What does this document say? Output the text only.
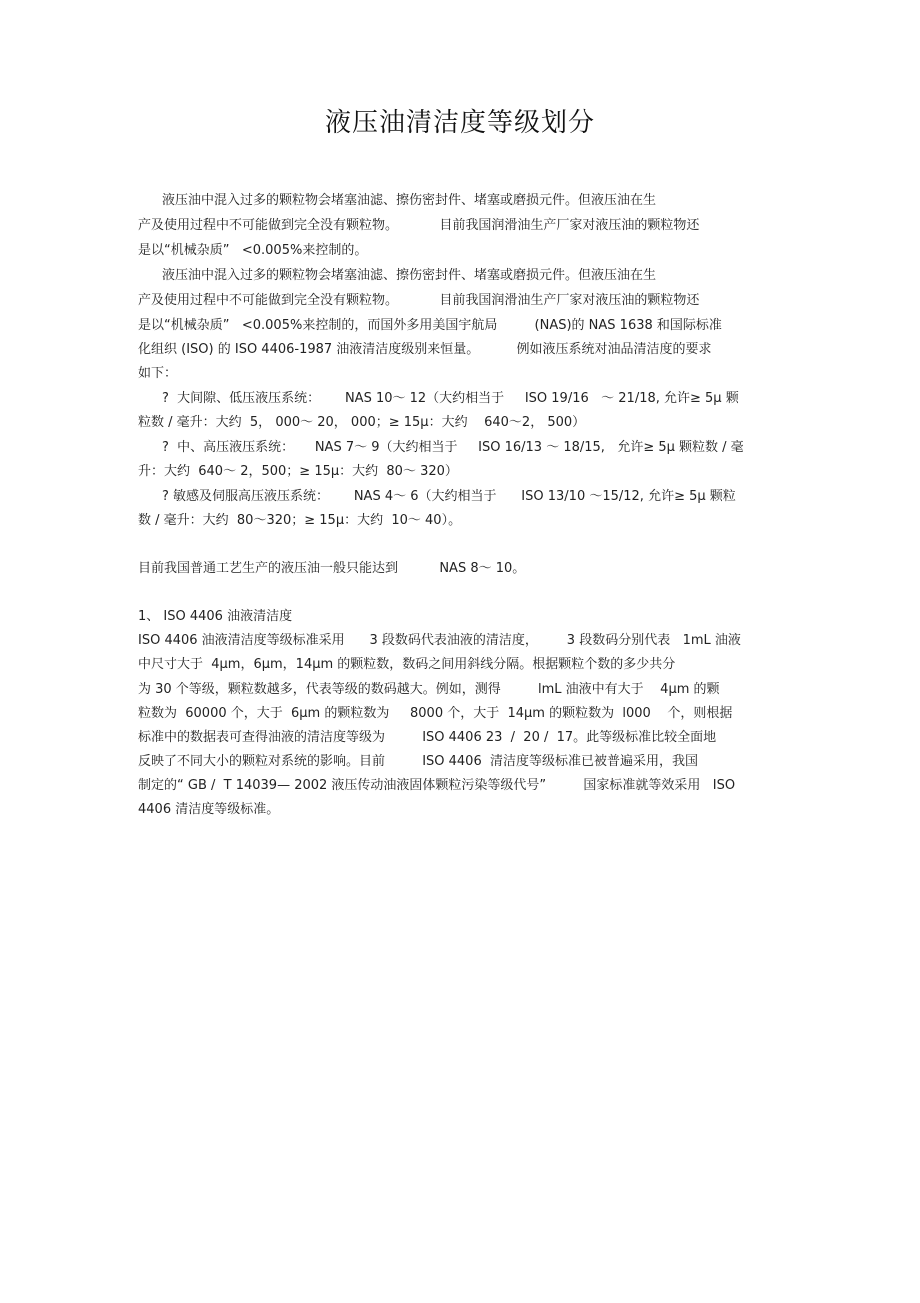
液压油清洁度等级划分
液压油中混入过多的颗粒物会堵塞油滤、擦伤密封件、堵塞或磨损元件。但液压油在生
产及使用过程中不可能做到完全没有颗粒物。          目前我国润滑油生产厂家对液压油的颗粒物还
是以“机械杂质”   <0.005%来控制的。
液压油中混入过多的颗粒物会堵塞油滤、擦伤密封件、堵塞或磨损元件。但液压油在生
产及使用过程中不可能做到完全没有颗粒物。          目前我国润滑油生产厂家对液压油的颗粒物还
是以“机械杂质”   <0.005%来控制的，而国外多用美国宇航局         (NAS)的 NAS 1638 和国际标准
化组织 (ISO) 的 ISO 4406-1987 油液清洁度级别来恒量。         例如液压系统对油品清洁度的要求
如下：
?  大间隙、低压液压系统：      NAS 10～ 12（大约相当于     ISO 19/16   ～ 21/18, 允许≥ 5μ 颗
粒数 / 毫升：大约  5， 000～ 20， 000；≥ 15μ：大约    640～2， 500）
?  中、高压液压系统：     NAS 7～ 9（大约相当于     ISO 16/13 ～ 18/15,   允许≥ 5μ 颗粒数 / 毫
升：大约  640～ 2，500；≥ 15μ：大约  80～ 320）
? 敏感及伺服高压液压系统：      NAS 4～ 6（大约相当于      ISO 13/10 ～15/12, 允许≥ 5μ 颗粒
数 / 毫升：大约  80～320；≥ 15μ：大约  10～ 40）。
目前我国普通工艺生产的液压油一般只能达到          NAS 8～ 10。
1、 ISO 4406 油液清洁度
ISO 4406 油液清洁度等级标准采用      3 段数码代表油液的清洁度，       3 段数码分别代表   1mL 油液
中尺寸大于  4μm，6μm，14μm 的颗粒数，数码之间用斜线分隔。根据颗粒个数的多少共分
为 30 个等级，颗粒数越多，代表等级的数码越大。例如，测得         lmL 油液中有大于    4μm 的颗
粒数为  60000 个，大于  6μm 的颗粒数为     8000 个，大于  14μm 的颗粒数为  l000    个，则根据
标准中的数据表可查得油液的清洁度等级为         ISO 4406 23  /  20 /  17。此等级标准比较全面地
反映了不同大小的颗粒对系统的影响。目前         ISO 4406  清洁度等级标准已被普遍采用，我国
制定的“ GB /  T 14039— 2002 液压传动油液固体颗粒污染等级代号”         国家标准就等效采用   ISO
4406 清洁度等级标准。
